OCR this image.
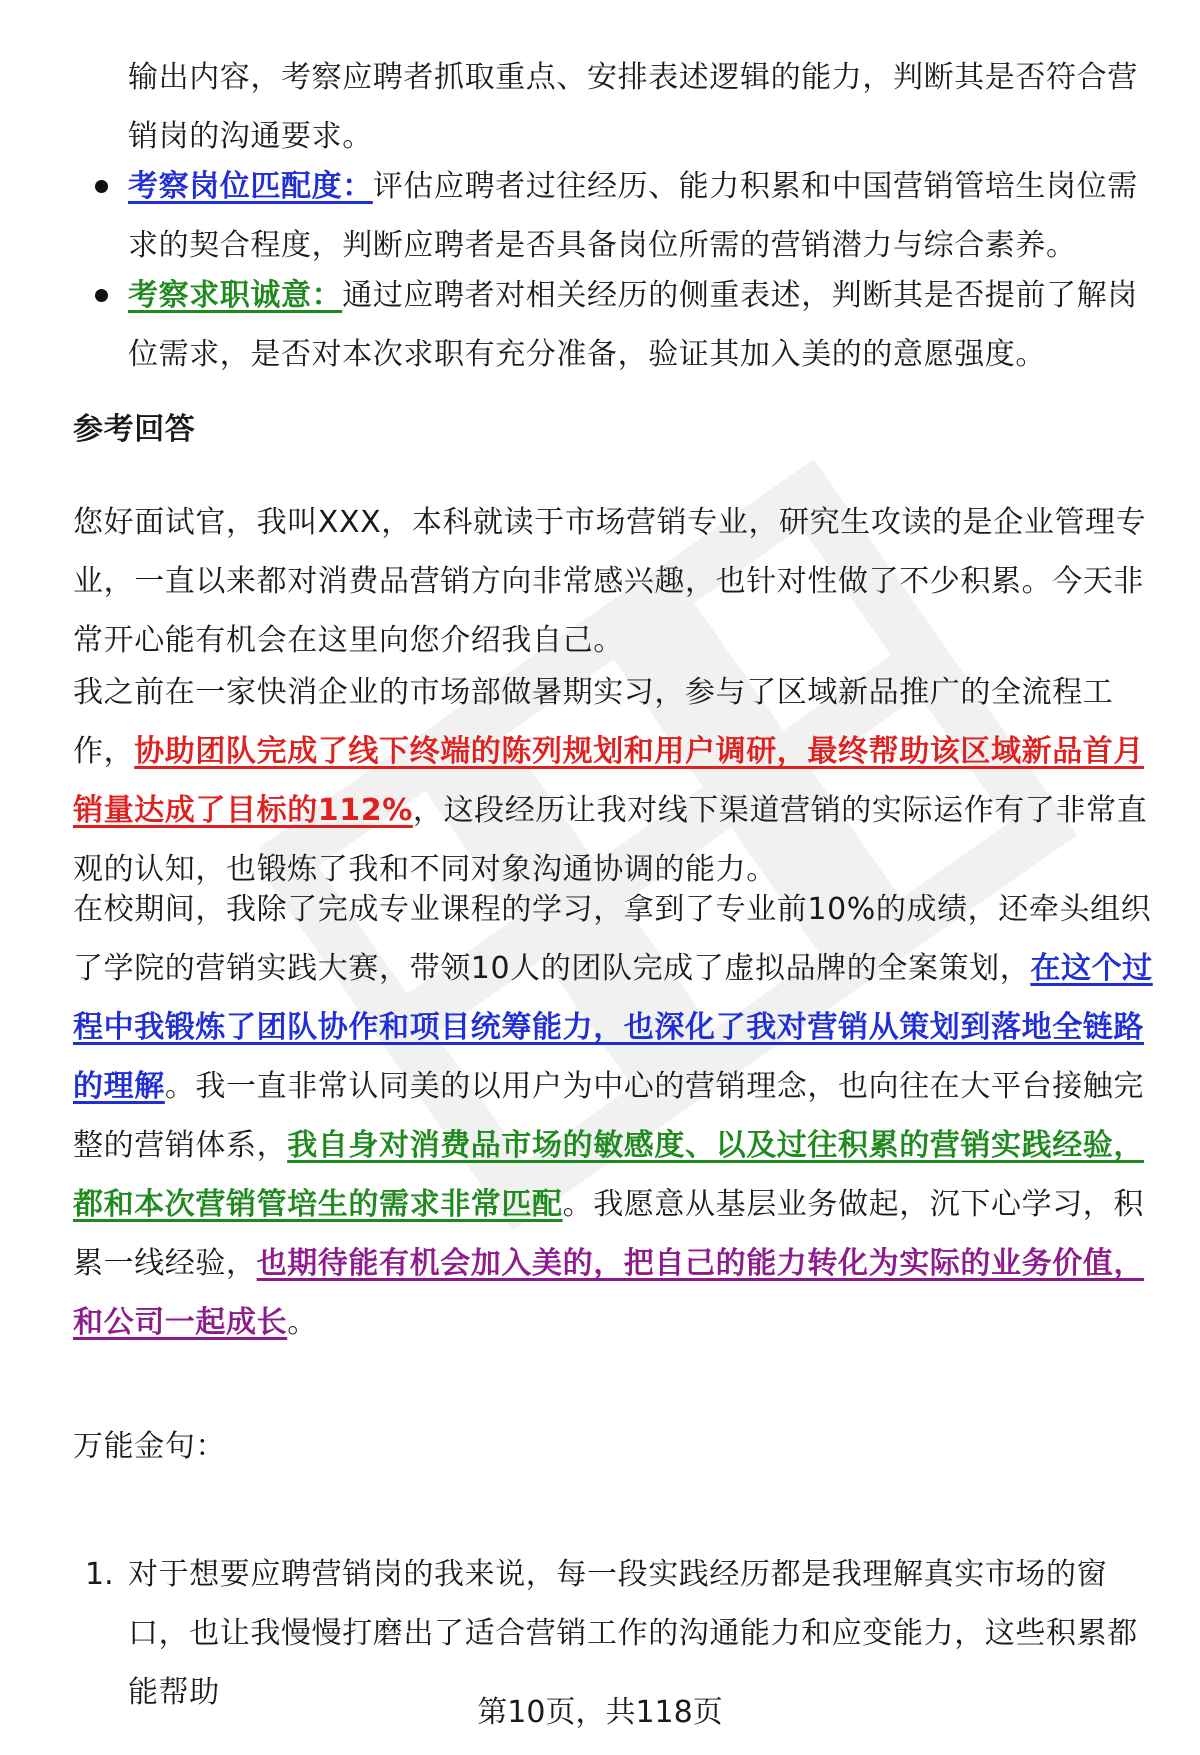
输出内容，考察应聘者抓取重点、安排表述逻辑的能力，判断其是否符合营销岗的沟通要求。
考察岗位匹配度：评估应聘者过往经历、能力积累和中国营销管培生岗位需求的契合程度，判断应聘者是否具备岗位所需的营销潜力与综合素养。
考察求职诚意：通过应聘者对相关经历的侧重表述，判断其是否提前了解岗位需求，是否对本次求职有充分准备，验证其加入美的的意愿强度。
参考回答
您好面试官，我叫XXX，本科就读于市场营销专业，研究生攻读的是企业管理专业，一直以来都对消费品营销方向非常感兴趣，也针对性做了不少积累。今天非常开心能有机会在这里向您介绍我自己。
我之前在一家快消企业的市场部做暑期实习，参与了区域新品推广的全流程工作，协助团队完成了线下终端的陈列规划和用户调研，最终帮助该区域新品首月销量达成了目标的112%，这段经历让我对线下渠道营销的实际运作有了非常直观的认知，也锻炼了我和不同对象沟通协调的能力。
在校期间，我除了完成专业课程的学习，拿到了专业前10%的成绩，还牵头组织了学院的营销实践大赛，带领10人的团队完成了虚拟品牌的全案策划，在这个过程中我锻炼了团队协作和项目统筹能力，也深化了我对营销从策划到落地全链路的理解。我一直非常认同美的以用户为中心的营销理念，也向往在大平台接触完整的营销体系，我自身对消费品市场的敏感度、以及过往积累的营销实践经验，都和本次营销管培生的需求非常匹配。我愿意从基层业务做起，沉下心学习，积累一线经验，也期待能有机会加入美的，把自己的能力转化为实际的业务价值，和公司一起成长。
万能金句：
1. 对于想要应聘营销岗的我来说，每一段实践经历都是我理解真实市场的窗口，也让我慢慢打磨出了适合营销工作的沟通能力和应变能力，这些积累都能帮助
第10页，共118页
